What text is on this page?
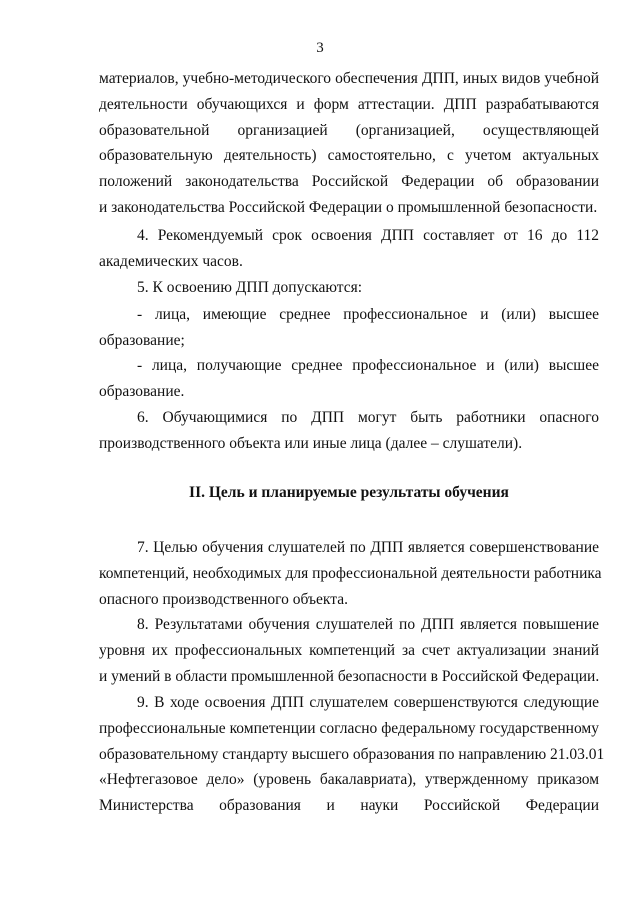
3
материалов, учебно-методического обеспечения ДПП, иных видов учебной
деятельности обучающихся и форм аттестации. ДПП разрабатываются
образовательной организацией (организацией, осуществляющей
образовательную деятельность) самостоятельно, с учетом актуальных
положений законодательства Российской Федерации об образовании
и законодательства Российской Федерации о промышленной безопасности.
4. Рекомендуемый срок освоения ДПП составляет от 16 до 112
академических часов.
5. К освоению ДПП допускаются:
- лица, имеющие среднее профессиональное и (или) высшее
образование;
- лица, получающие среднее профессиональное и (или) высшее
образование.
6. Обучающимися по ДПП могут быть работники опасного
производственного объекта или иные лица (далее – слушатели).
II. Цель и планируемые результаты обучения
7. Целью обучения слушателей по ДПП является совершенствование
компетенций, необходимых для профессиональной деятельности работника
опасного производственного объекта.
8. Результатами обучения слушателей по ДПП является повышение
уровня их профессиональных компетенций за счет актуализации знаний
и умений в области промышленной безопасности в Российской Федерации.
9. В ходе освоения ДПП слушателем совершенствуются следующие
профессиональные компетенции согласно федеральному государственному
образовательному стандарту высшего образования по направлению 21.03.01
«Нефтегазовое дело» (уровень бакалавриата), утвержденному приказом
Министерства образования и науки Российской Федерации
